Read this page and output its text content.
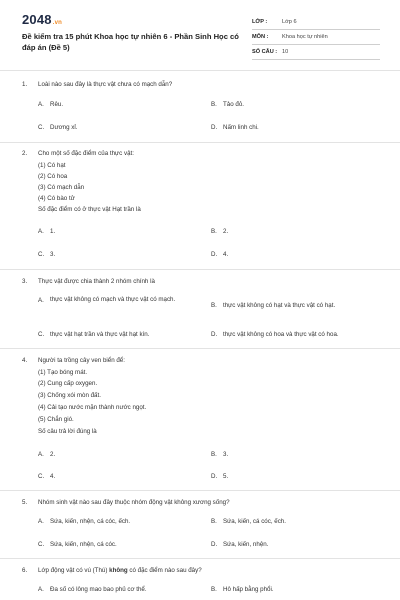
2048.vn
Đề kiểm tra 15 phút Khoa học tự nhiên 6 - Phần Sinh Học có đáp án (Đề 5)
LỚP :	Lớp 6
MÔN :	Khoa học tự nhiên
SỐ CÂU : 10
1. Loài nào sau đây là thực vật chưa có mạch dẫn?
A. Rêu.	B. Tảo đỏ.
C. Dương xỉ.	D. Nấm linh chi.
2. Cho một số đặc điểm của thực vật:
(1) Có hạt
(2) Có hoa
(3) Có mạch dẫn
(4) Có bào tử
Số đặc điểm có ở thực vật Hạt trần là
A. 1.	B. 2.
C. 3.	D. 4.
3. Thực vật được chia thành 2 nhóm chính là
A. thực vật không có mạch và thực vật có mạch.
B. thực vật không có hạt và thực vật có hạt.
C. thực vật hạt trần và thực vật hạt kín.	D. thực vật không có hoa và thực vật có hoa.
4. Người ta trồng cây ven biển để:
(1) Tạo bóng mát.
(2) Cung cấp oxygen.
(3) Chống xói mòn đất.
(4) Cải tạo nước mặn thành nước ngọt.
(5) Chắn gió.
Số câu trả lời đúng là
A. 2.	B. 3.
C. 4.	D. 5.
5. Nhóm sinh vật nào sau đây thuộc nhóm động vật không xương sống?
A. Sứa, kiến, nhện, cá cóc, ếch.	B. Sứa, kiến, cá cóc, ếch.
C. Sứa, kiến, nhện, cá cóc.	D. Sứa, kiến, nhện.
6. Lớp động vật có vú (Thú) không có đặc điểm nào sau đây?
A. Đa số có lông mao bao phủ cơ thể.	B. Hô hấp bằng phổi.
